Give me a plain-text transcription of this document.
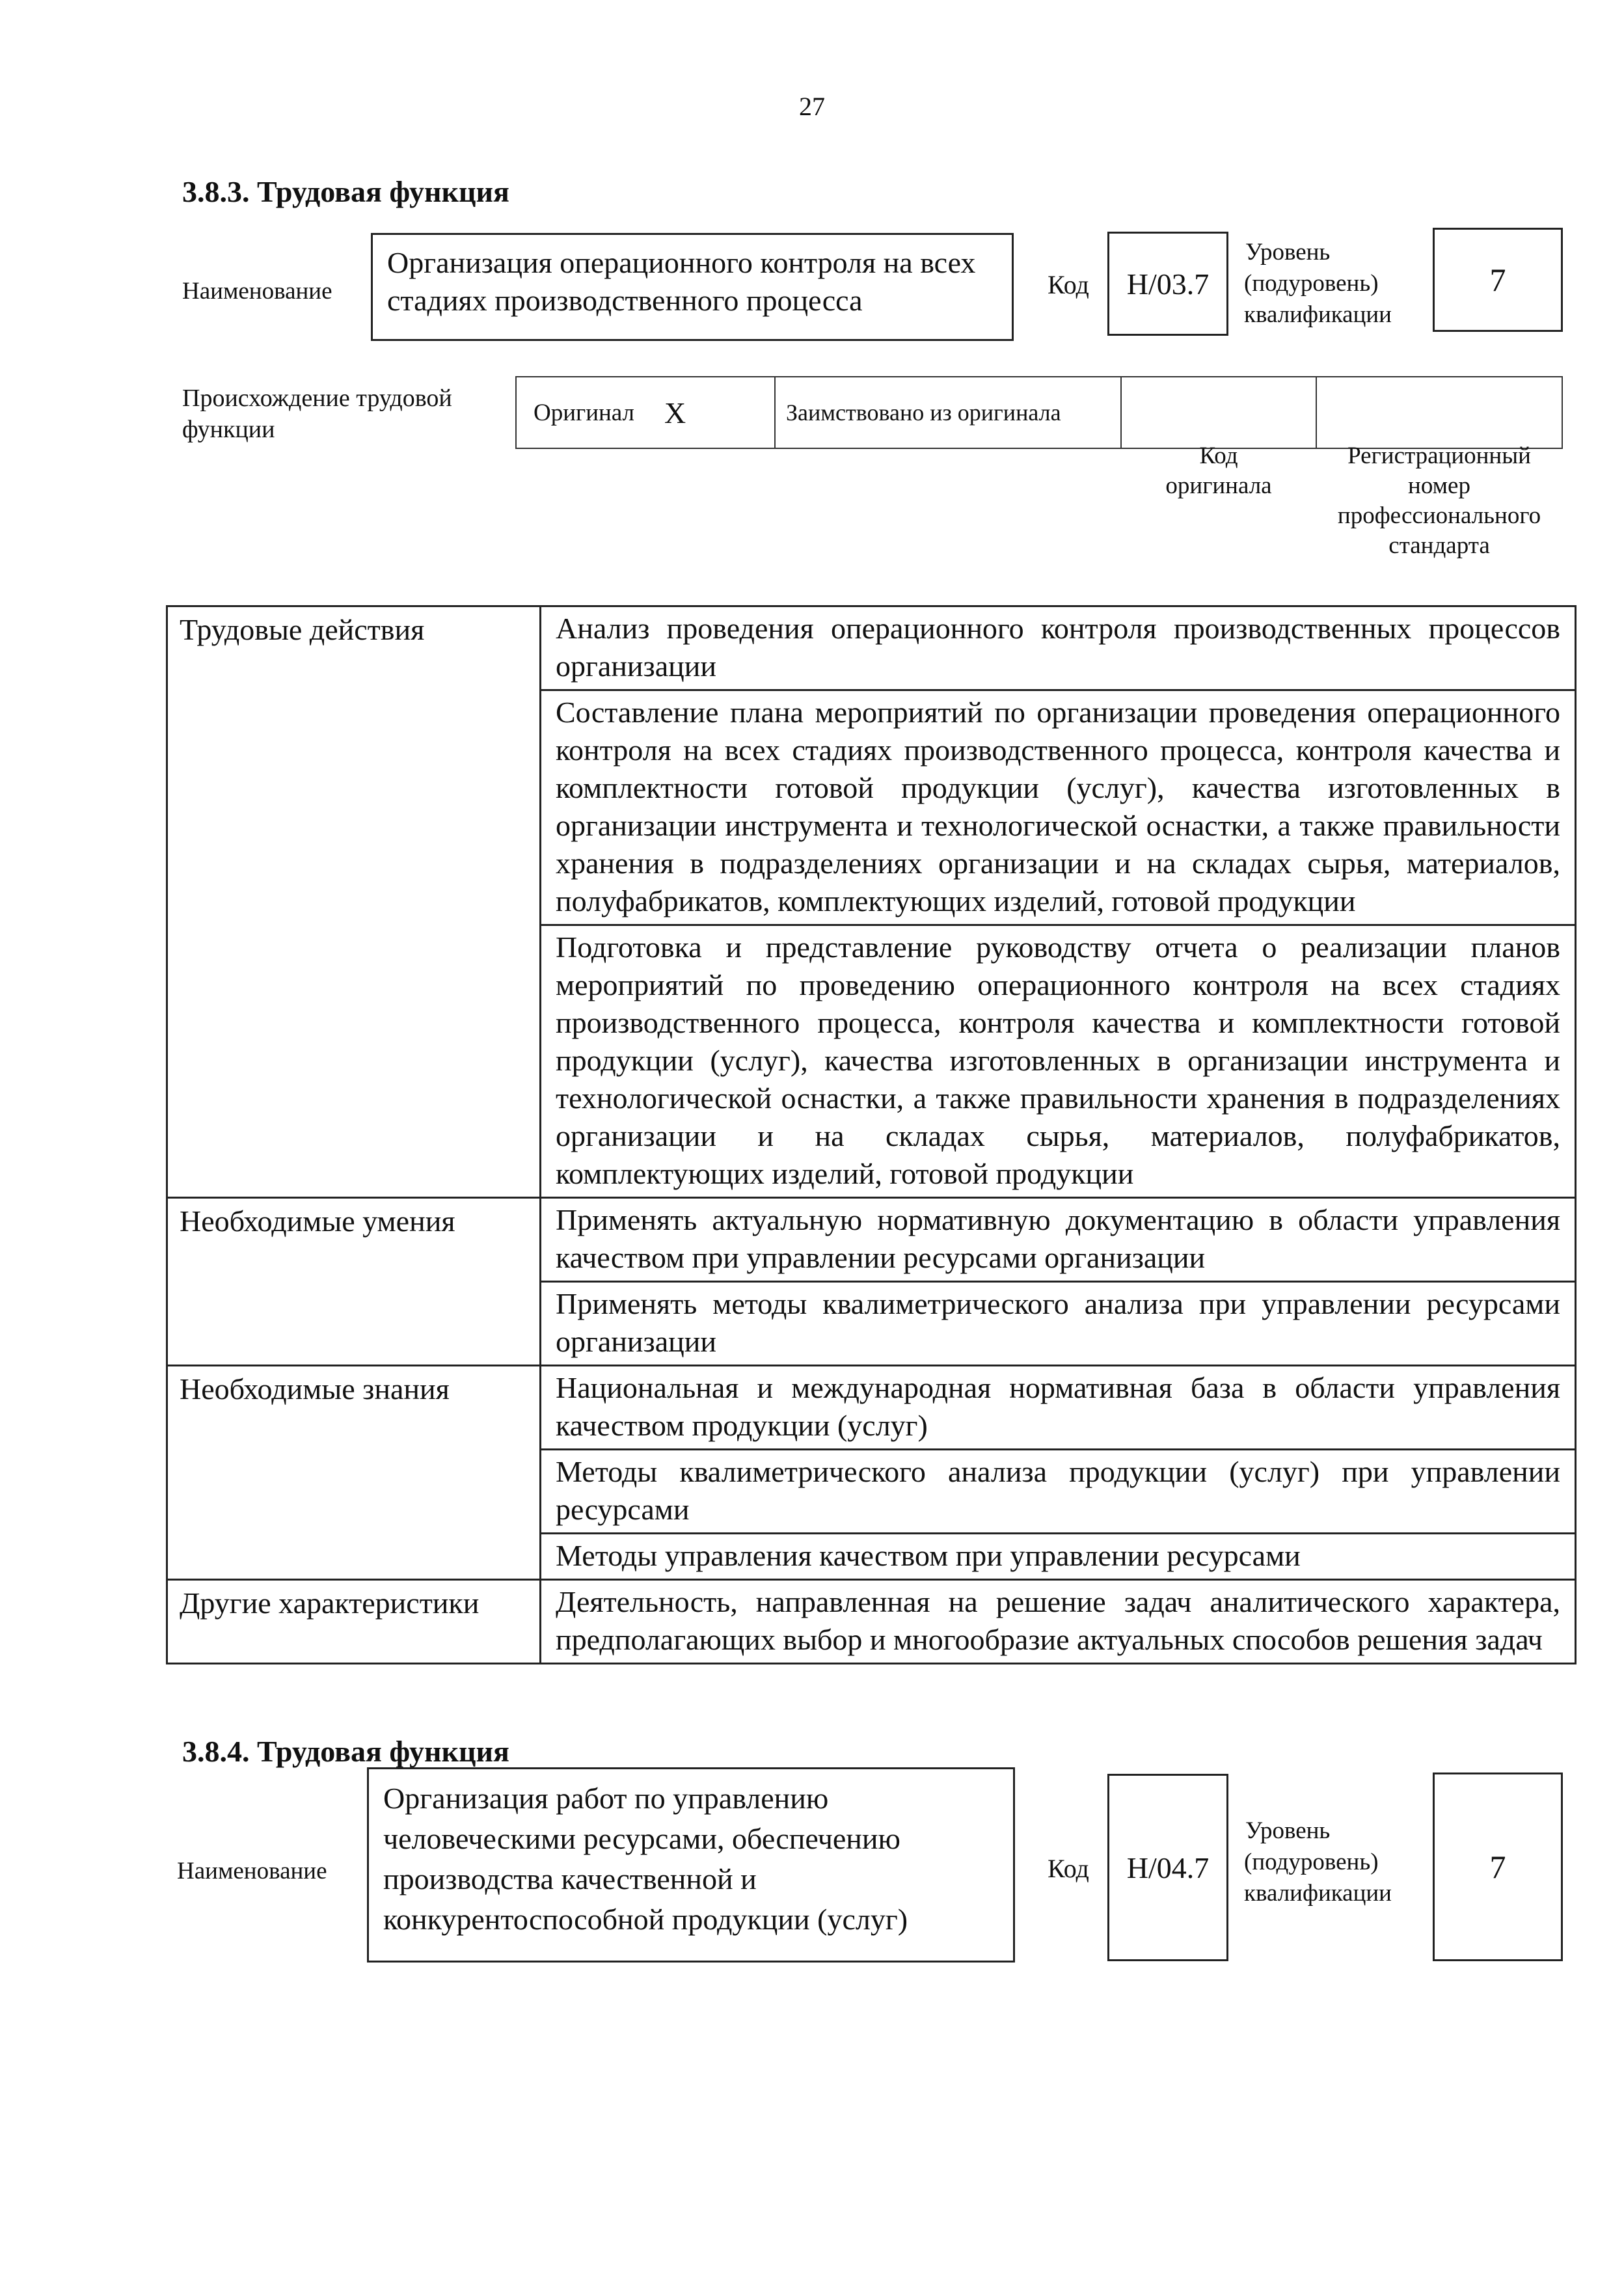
27
3.8.3. Трудовая функция
Наименование
Организация операционного контроля на всех стадиях производственного процесса	Код H/03.7
Уровень
(подуровень)
квалификации
7
Происхождение трудовой
функции
Оригинал X	Заимствовано из оригинала
Код
оригинала
Регистрационный
номер
профессионального
стандарта
Трудовые действия	Анализ проведения операционного контроля производственных процессов организации
Составление плана мероприятий по организации проведения операционного контроля на всех стадиях производственного процесса, контроля качества и комплектности готовой продукции (услуг), качества изготовленных в организации инструмента и технологической оснастки, а также правильности хранения в подразделениях организации и на складах сырья, материалов, полуфабрикатов, комплектующих изделий, готовой продукции
Подготовка и представление руководству отчета о реализации планов мероприятий по проведению операционного контроля на всех стадиях производственного процесса, контроля качества и комплектности готовой продукции (услуг), качества изготовленных в организации инструмента и технологической оснастки, а также правильности хранения в подразделениях организации и на складах сырья, материалов, полуфабрикатов, комплектующих изделий, готовой продукции

Необходимые умения	Применять актуальную нормативную документацию в области управления качеством при управлении ресурсами организации
Применять методы квалиметрического анализа при управлении ресурсами организации

Необходимые знания	Национальная и международная нормативная база в области управления качеством продукции (услуг)
Методы квалиметрического анализа продукции (услуг) при управлении ресурсами
Методы управления качеством при управлении ресурсами

Другие характеристики	Деятельность, направленная на решение задач аналитического характера, предполагающих выбор и многообразие актуальных способов решения задач
3.8.4. Трудовая функция
Наименование
Организация работ по управлению человеческими ресурсами, обеспечению производства качественной и конкурентоспособной продукции (услуг)
Код H/04.7
Уровень
(подуровень)
квалификации
7
